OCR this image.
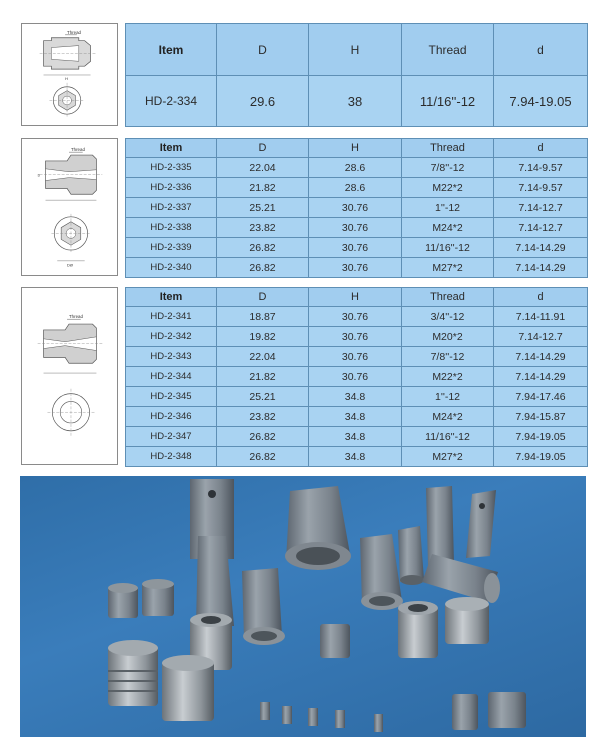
Thread
H
Item	D	H	Thread	d
HD-2-334	29.6	38	11/16''-12	7.94-19.05
Thread
D
DØ
Item	D	H	Thread	d
HD-2-335	22.04	28.6	7/8''-12	7.14-9.57
HD-2-336	21.82	28.6	M22*2	7.14-9.57
HD-2-337	25.21	30.76	1''-12	7.14-12.7
HD-2-338	23.82	30.76	M24*2	7.14-12.7
HD-2-339	26.82	30.76	11/16''-12	7.14-14.29
HD-2-340	26.82	30.76	M27*2	7.14-14.29
Thread
Item	D	H	Thread	d
HD-2-341	18.87	30.76	3/4''-12	7.14-11.91
HD-2-342	19.82	30.76	M20*2	7.14-12.7
HD-2-343	22.04	30.76	7/8''-12	7.14-14.29
HD-2-344	21.82	30.76	M22*2	7.14-14.29
HD-2-345	25.21	34.8	1''-12	7.94-17.46
HD-2-346	23.82	34.8	M24*2	7.94-15.87
HD-2-347	26.82	34.8	11/16''-12	7.94-19.05
HD-2-348	26.82	34.8	M27*2	7.94-19.05
